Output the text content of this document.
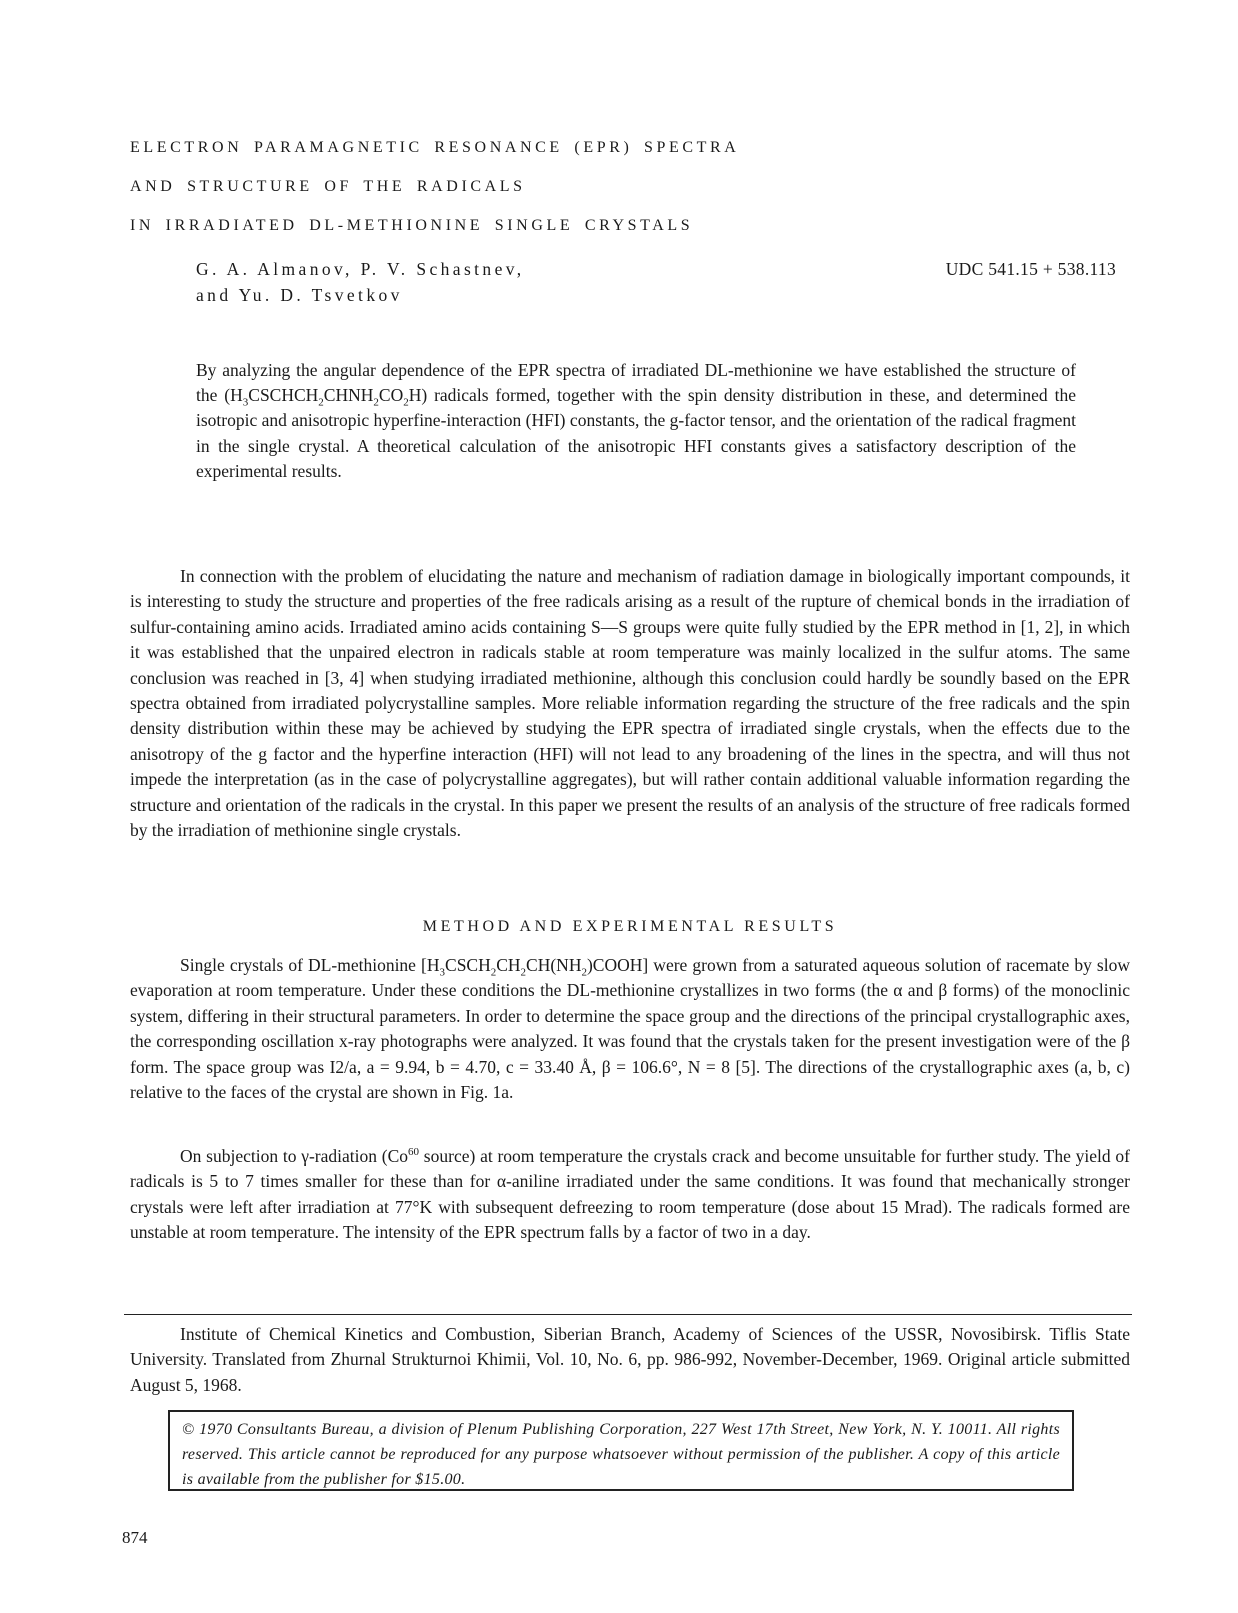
ELECTRON PARAMAGNETIC RESONANCE (EPR) SPECTRA
AND STRUCTURE OF THE RADICALS
IN IRRADIATED DL-METHIONINE SINGLE CRYSTALS
G. A. Almanov, P. V. Schastnev,
and Yu. D. Tsvetkov
UDC 541.15 + 538.113
By analyzing the angular dependence of the EPR spectra of irradiated DL-methionine we have established the structure of the $(H_3CSCHCH_2CHNH_2CO_2H)$ radicals formed, together with the spin density distribution in these, and determined the isotropic and anisotropic hyperfine-interaction (HFI) constants, the g-factor tensor, and the orientation of the radical fragment in the single crystal. A theoretical calculation of the anisotropic HFI constants gives a satisfactory description of the experimental results.

In connection with the problem of elucidating the nature and mechanism of radiation damage in biologically important compounds, it is interesting to study the structure and properties of the free radicals arising as a result of the rupture of chemical bonds in the irradiation of sulfur-containing amino acids. Irradiated amino acids containing S—S groups were quite fully studied by the EPR method in [1, 2], in which it was established that the unpaired electron in radicals stable at room temperature was mainly localized in the sulfur atoms. The same conclusion was reached in [3, 4] when studying irradiated methionine, although this conclusion could hardly be soundly based on the EPR spectra obtained from irradiated polycrystalline samples. More reliable information regarding the structure of the free radicals and the spin density distribution within these may be achieved by studying the EPR spectra of irradiated single crystals, when the effects due to the anisotropy of the g factor and the hyperfine interaction (HFI) will not lead to any broadening of the lines in the spectra, and will thus not impede the interpretation (as in the case of polycrystalline aggregates), but will rather contain additional valuable information regarding the structure and orientation of the radicals in the crystal. In this paper we present the results of an analysis of the structure of free radicals formed by the irradiation of methionine single crystals.

METHOD AND EXPERIMENTAL RESULTS

Single crystals of DL-methionine $[H_3CSCH_2CH_2CH(NH_2)COOH]$ were grown from a saturated aqueous solution of racemate by slow evaporation at room temperature. Under these conditions the DL-methionine crystallizes in two forms (the α and β forms) of the monoclinic system, differing in their structural parameters. In order to determine the space group and the directions of the principal crystallographic axes, the corresponding oscillation x-ray photographs were analyzed. It was found that the crystals taken for the present investigation were of the β form. The space group was I2/a, a = 9.94, b = 4.70, c = 33.40 Å, β = 106.6°, N = 8 [5]. The directions of the crystallographic axes (a, b, c) relative to the faces of the crystal are shown in Fig. 1a.

On subjection to γ-radiation (Co$^{60}$ source) at room temperature the crystals crack and become unsuitable for further study. The yield of radicals is 5 to 7 times smaller for these than for α-aniline irradiated under the same conditions. It was found that mechanically stronger crystals were left after irradiation at 77°K with subsequent defreezing to room temperature (dose about 15 Mrad). The radicals formed are unstable at room temperature. The intensity of the EPR spectrum falls by a factor of two in a day.

Institute of Chemical Kinetics and Combustion, Siberian Branch, Academy of Sciences of the USSR, Novosibirsk. Tiflis State University. Translated from Zhurnal Strukturnoi Khimii, Vol. 10, No. 6, pp. 986-992, November-December, 1969. Original article submitted August 5, 1968.

© 1970 Consultants Bureau, a division of Plenum Publishing Corporation, 227 West 17th Street, New York, N. Y. 10011. All rights reserved. This article cannot be reproduced for any purpose whatsoever without permission of the publisher. A copy of this article is available from the publisher for $15.00.
874
